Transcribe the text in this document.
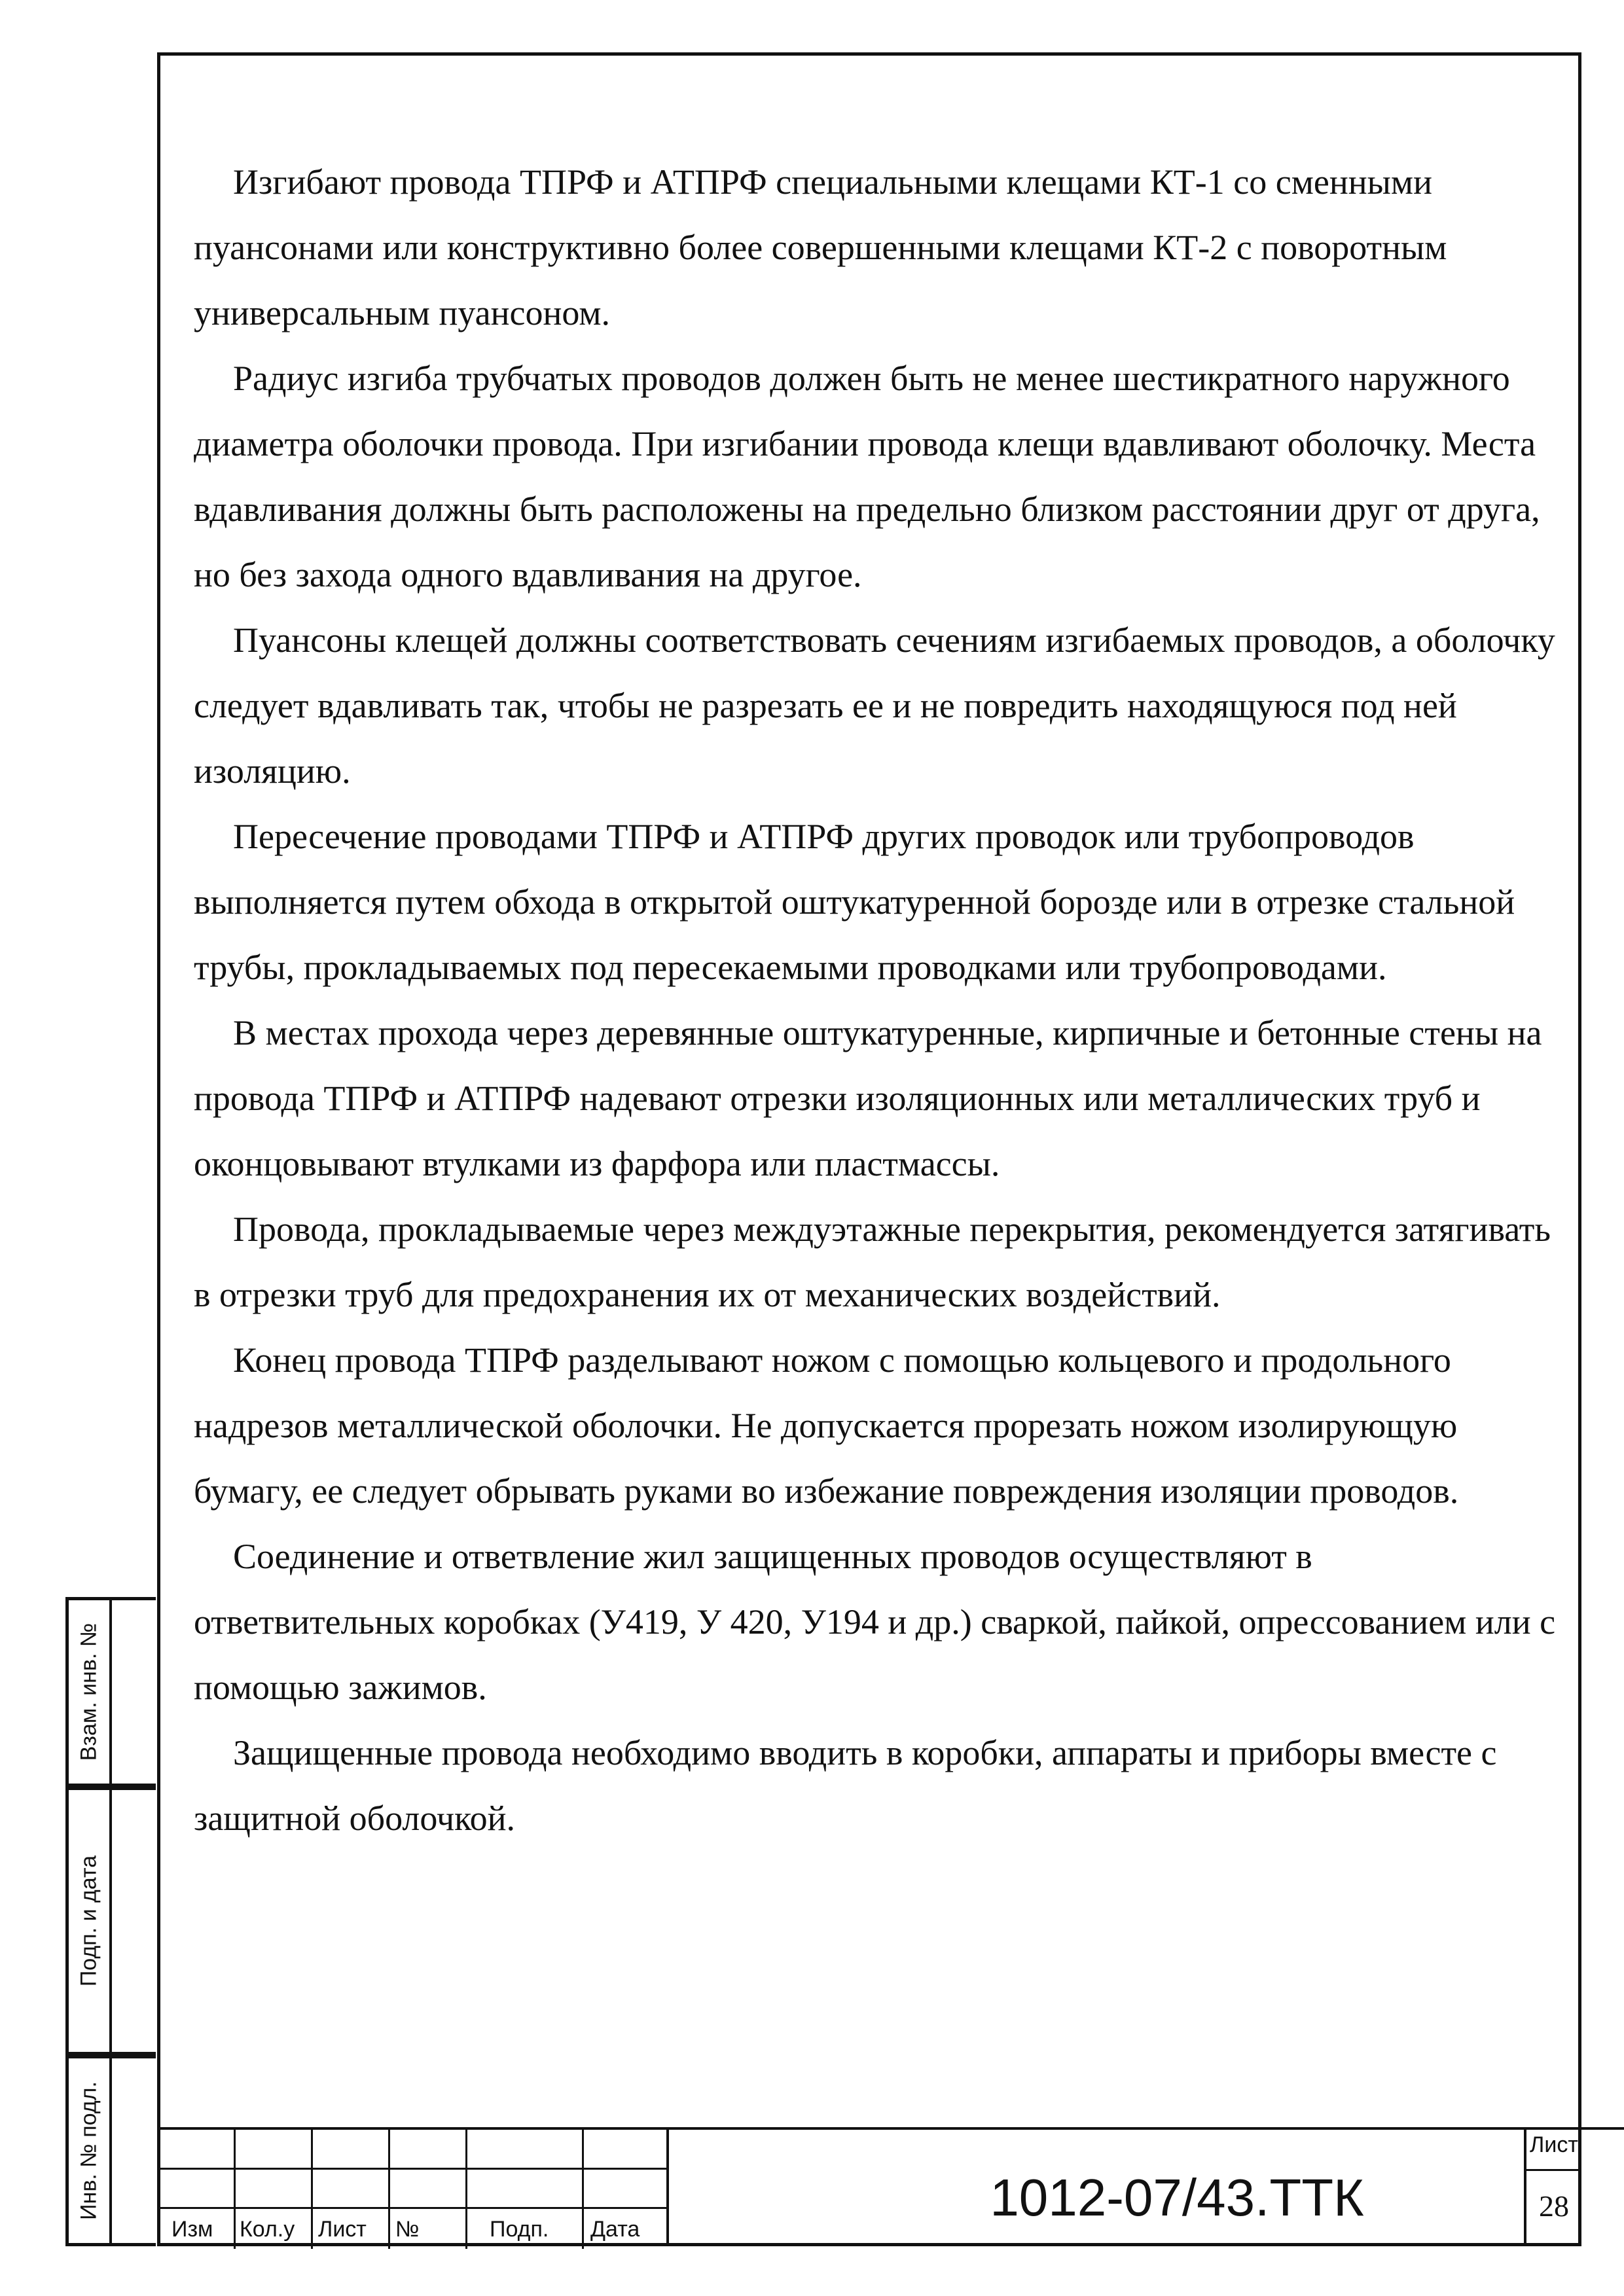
Изгибают провода ТПРФ и АТПРФ специальными клещами КТ-1 со сменными пуансонами или конструктивно более совершенными клещами КТ-2 с поворотным универсальным пуансоном.

Радиус изгиба трубчатых проводов должен быть не менее шестикратного наружного диаметра оболочки провода. При изгибании провода клещи вдавливают оболочку. Места вдавливания должны быть расположены на предельно близком расстоянии друг от друга, но без захода одного вдавливания на другое.

Пуансоны клещей должны соответствовать сечениям изгибаемых проводов, а оболочку следует вдавливать так, чтобы не разрезать ее и не повредить находящуюся под ней изоляцию.

Пересечение проводами ТПРФ и АТПРФ других проводок или трубопроводов выполняется путем обхода в открытой оштукатуренной борозде или в отрезке стальной трубы, прокладываемых под пересекаемыми проводками или трубопроводами.

В местах прохода через деревянные оштукатуренные, кирпичные и бетонные стены на провода ТПРФ и АТПРФ надевают отрезки изоляционных или металлических труб и оконцовывают втулками из фарфора или пластмассы.

Провода, прокладываемые через междуэтажные перекрытия, рекомендуется затягивать в отрезки труб для предохранения их от механических воздействий.

Конец провода ТПРФ разделывают ножом с помощью кольцевого и продольного надрезов металлической оболочки. Не допускается прорезать ножом изолирующую бумагу, ее следует обрывать руками во избежание повреждения изоляции проводов.

Соединение и ответвление жил защищенных проводов осуществляют в ответвительных коробках (У419, У 420, У194 и др.) сваркой, пайкой, опрессованием или с помощью зажимов.

Защищенные провода необходимо вводить в коробки, аппараты и приборы вместе с защитной оболочкой.

Взам. инв. №
Подп. и дата
Инв. № подл.
Изм Кол.у Лист №	Подп. Дата
1012-07/43.ТТК
Лист
28
